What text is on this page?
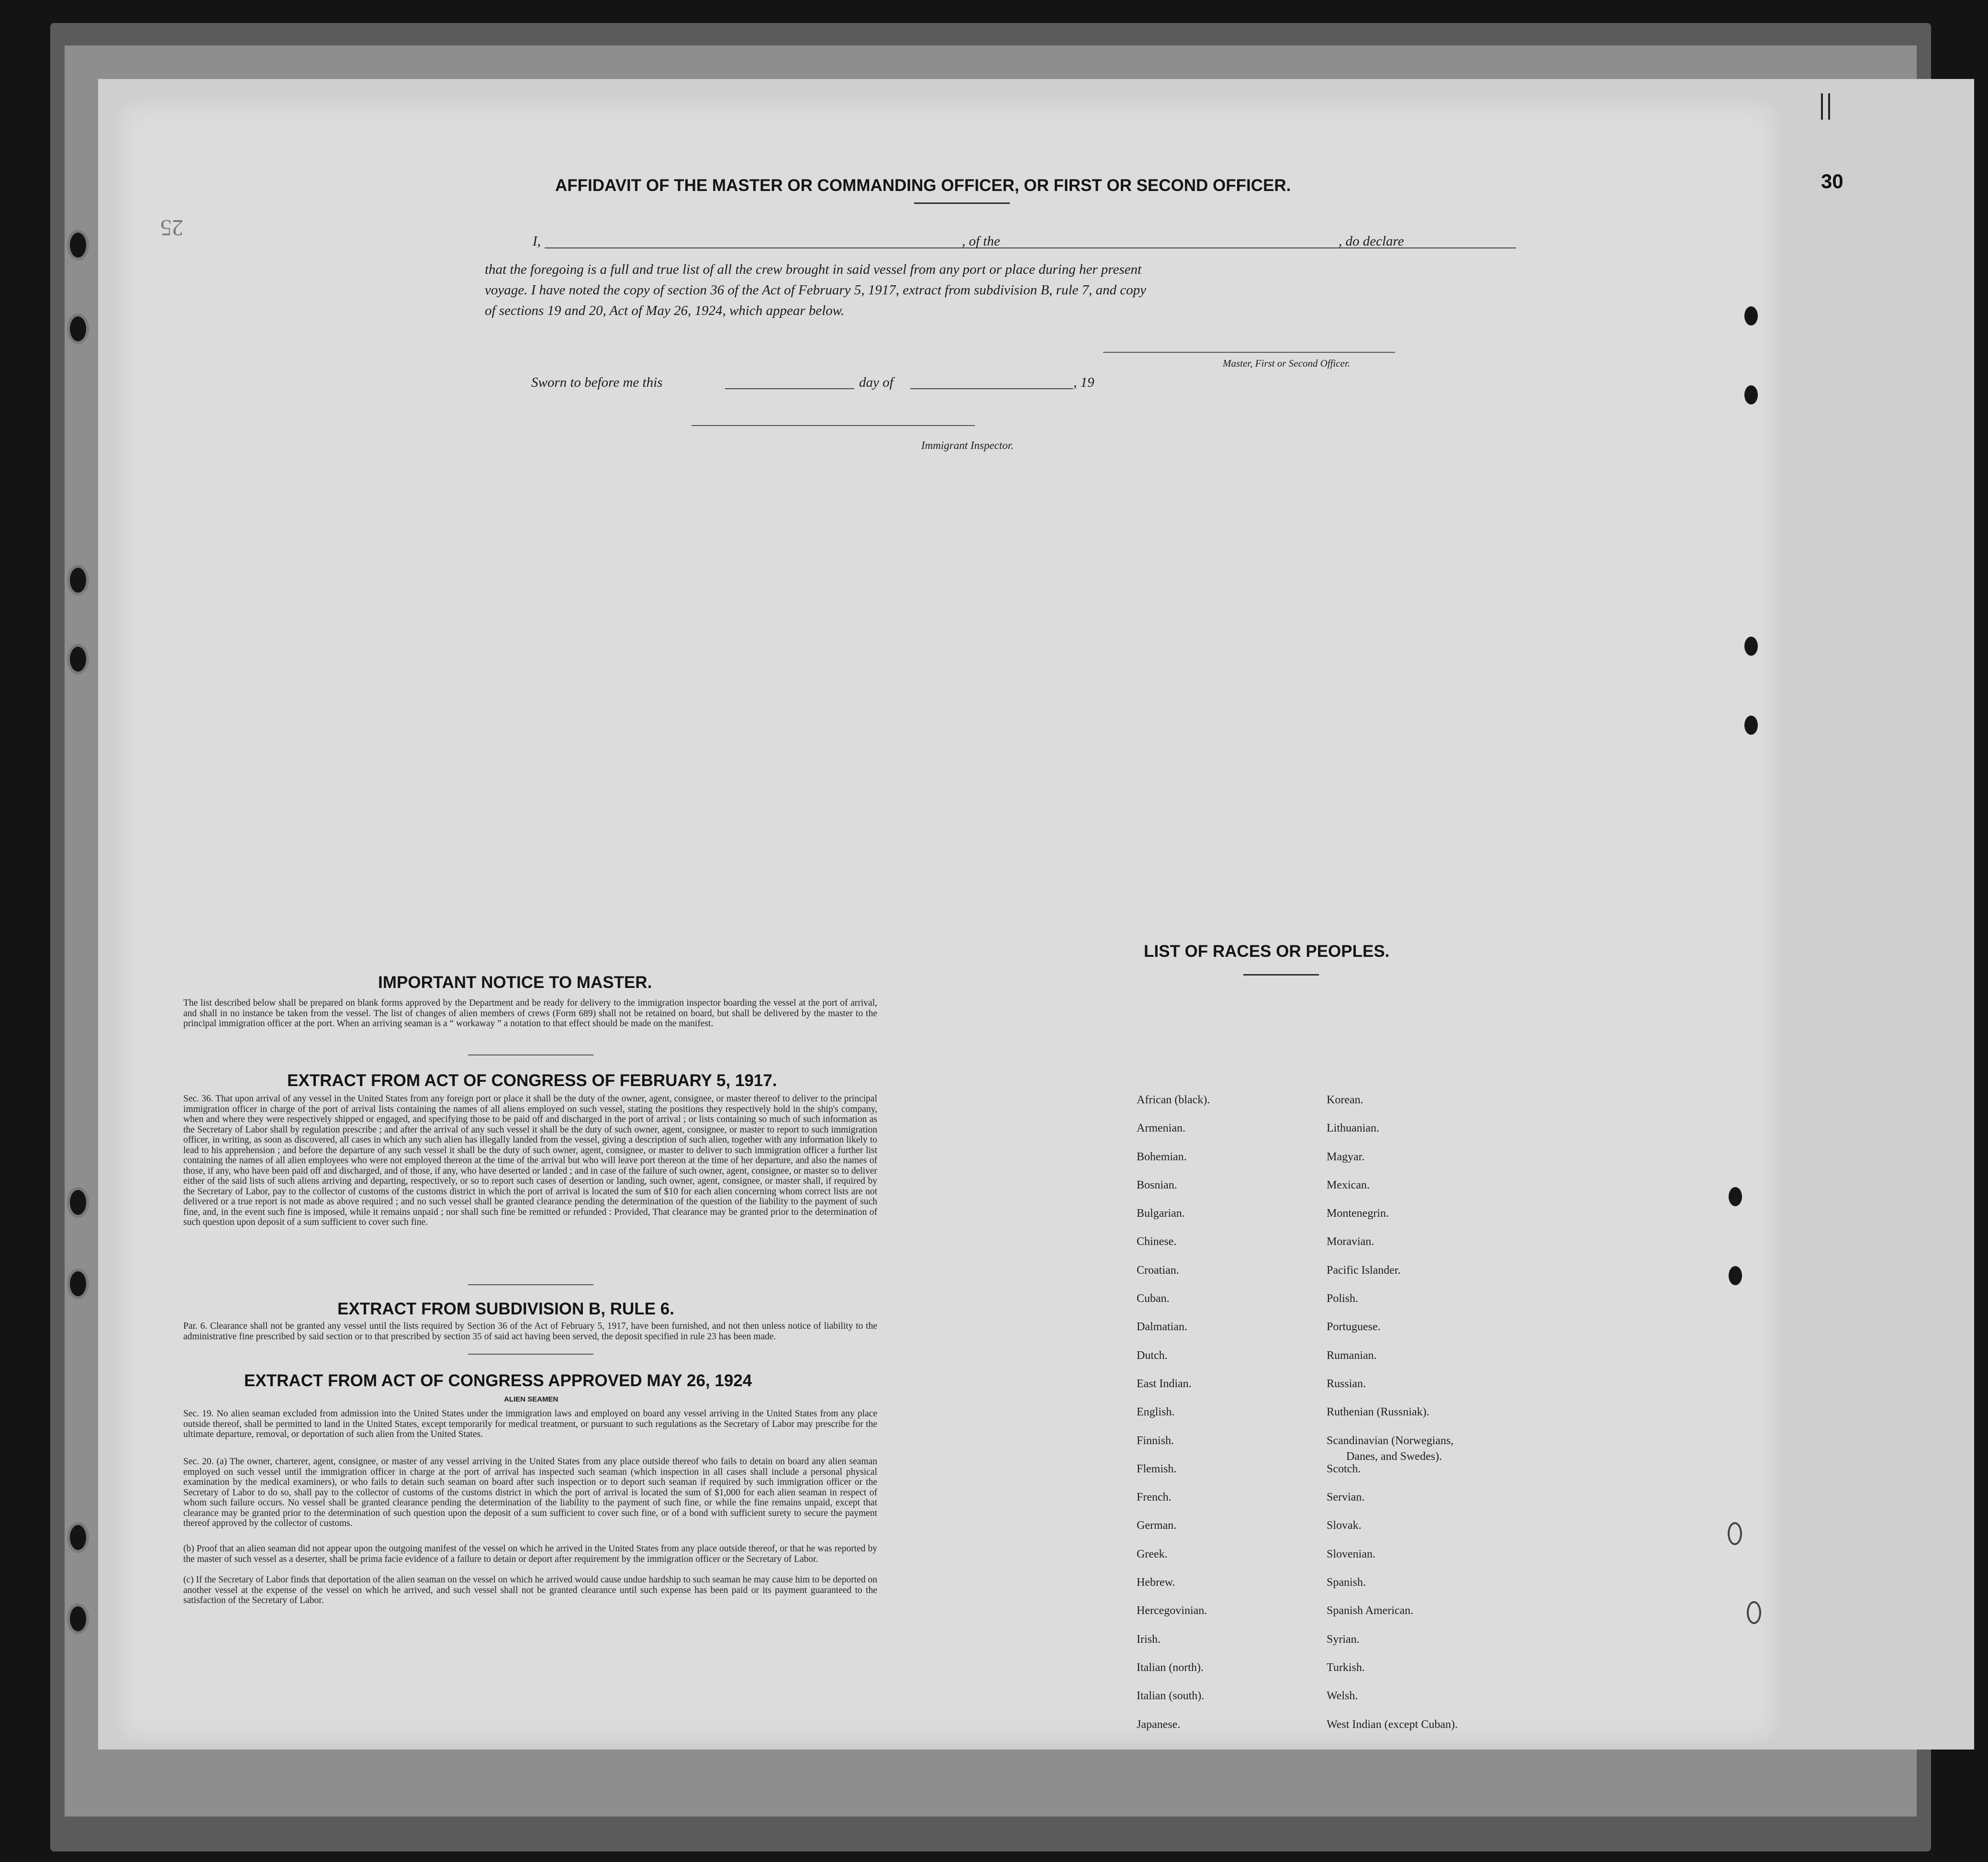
AFFIDAVIT OF THE MASTER OR COMMANDING OFFICER, OR FIRST OR SECOND OFFICER.
I,	, of the	, do declare
that the foregoing is a full and true list of all the crew brought in said vessel from any port or place during her present
voyage. I have noted the copy of section 36 of the Act of February 5, 1917, extract from subdivision B, rule 7, and copy
of sections 19 and 20, Act of May 26, 1924, which appear below.
Master, First or Second Officer.
Sworn to before me this	day of	, 19
Immigrant Inspector.
IMPORTANT NOTICE TO MASTER.
The list described below shall be prepared on blank forms approved by the Department and be ready for delivery to the immigration inspector boarding the vessel at the port of arrival, and shall in no instance be taken from the vessel. The list of changes of alien members of crews (Form 689) shall not be retained on board, but shall be delivered by the master to the principal immigration officer at the port. When an arriving seaman is a “ workaway ” a notation to that effect should be made on the manifest.
EXTRACT FROM ACT OF CONGRESS OF FEBRUARY 5, 1917.
Sec. 36. That upon arrival of any vessel in the United States from any foreign port or place it shall be the duty of the owner, agent, consignee, or master thereof to deliver to the principal immigration officer in charge of the port of arrival lists containing the names of all aliens employed on such vessel, stating the positions they respectively hold in the ship's company, when and where they were respectively shipped or engaged, and specifying those to be paid off and discharged in the port of arrival ; or lists containing so much of such information as the Secretary of Labor shall by regulation prescribe ; and after the arrival of any such vessel it shall be the duty of such owner, agent, consignee, or master to report to such immigration officer, in writing, as soon as discovered, all cases in which any such alien has illegally landed from the vessel, giving a description of such alien, together with any information likely to lead to his apprehension ; and before the departure of any such vessel it shall be the duty of such owner, agent, consignee, or master to deliver to such immigration officer a further list containing the names of all alien employees who were not employed thereon at the time of the arrival but who will leave port thereon at the time of her departure, and also the names of those, if any, who have been paid off and discharged, and of those, if any, who have deserted or landed ; and in case of the failure of such owner, agent, consignee, or master so to deliver either of the said lists of such aliens arriving and departing, respectively, or so to report such cases of desertion or landing, such owner, agent, consignee, or master shall, if required by the Secretary of Labor, pay to the collector of customs of the customs district in which the port of arrival is located the sum of $10 for each alien concerning whom correct lists are not delivered or a true report is not made as above required ; and no such vessel shall be granted clearance pending the determination of the question of the liability to the payment of such fine, and, in the event such fine is imposed, while it remains unpaid ; nor shall such fine be remitted or refunded : Provided, That clearance may be granted prior to the determination of such question upon deposit of a sum sufficient to cover such fine.
EXTRACT FROM SUBDIVISION B, RULE 6.
Par. 6. Clearance shall not be granted any vessel until the lists required by Section 36 of the Act of February 5, 1917, have been furnished, and not then unless notice of liability to the administrative fine prescribed by said section or to that prescribed by section 35 of said act having been served, the deposit specified in rule 23 has been made.
EXTRACT FROM ACT OF CONGRESS APPROVED MAY 26, 1924
ALIEN SEAMEN
Sec. 19. No alien seaman excluded from admission into the United States under the immigration laws and employed on board any vessel arriving in the United States from any place outside thereof, shall be permitted to land in the United States, except temporarily for medical treatment, or pursuant to such regulations as the Secretary of Labor may prescribe for the ultimate departure, removal, or deportation of such alien from the United States.
Sec. 20. (a) The owner, charterer, agent, consignee, or master of any vessel arriving in the United States from any place outside thereof who fails to detain on board any alien seaman employed on such vessel until the immigration officer in charge at the port of arrival has inspected such seaman (which inspection in all cases shall include a personal physical examination by the medical examiners), or who fails to detain such seaman on board after such inspection or to deport such seaman if required by such immigration officer or the Secretary of Labor to do so, shall pay to the collector of customs of the customs district in which the port of arrival is located the sum of $1,000 for each alien seaman in respect of whom such failure occurs. No vessel shall be granted clearance pending the determination of the liability to the payment of such fine, or while the fine remains unpaid, except that clearance may be granted prior to the determination of such question upon the deposit of a sum sufficient to cover such fine, or of a bond with sufficient surety to secure the payment thereof approved by the collector of customs.
(b) Proof that an alien seaman did not appear upon the outgoing manifest of the vessel on which he arrived in the United States from any place outside thereof, or that he was reported by the master of such vessel as a deserter, shall be prima facie evidence of a failure to detain or deport after requirement by the immigration officer or the Secretary of Labor.
(c) If the Secretary of Labor finds that deportation of the alien seaman on the vessel on which he arrived would cause undue hardship to such seaman he may cause him to be deported on another vessel at the expense of the vessel on which he arrived, and such vessel shall not be granted clearance until such expense has been paid or its payment guaranteed to the satisfaction of the Secretary of Labor.
LIST OF RACES OR PEOPLES.
African (black).
Armenian.
Bohemian.
Bosnian.
Bulgarian.
Chinese.
Croatian.
Cuban.
Dalmatian.
Dutch.
East Indian.
English.
Finnish.
Flemish.
French.
German.
Greek.
Hebrew.
Hercegovinian.
Irish.
Italian (north).
Italian (south).
Japanese.
Korean.
Lithuanian.
Magyar.
Mexican.
Montenegrin.
Moravian.
Pacific Islander.
Polish.
Portuguese.
Rumanian.
Russian.
Ruthenian (Russniak).
Scandinavian (Norwegians,
Scotch.
Servian.
Slovak.
Slovenian.
Spanish.
Spanish American.
Syrian.
Turkish.
Welsh.
West Indian (except Cuban).
Danes, and Swedes).
30
25
